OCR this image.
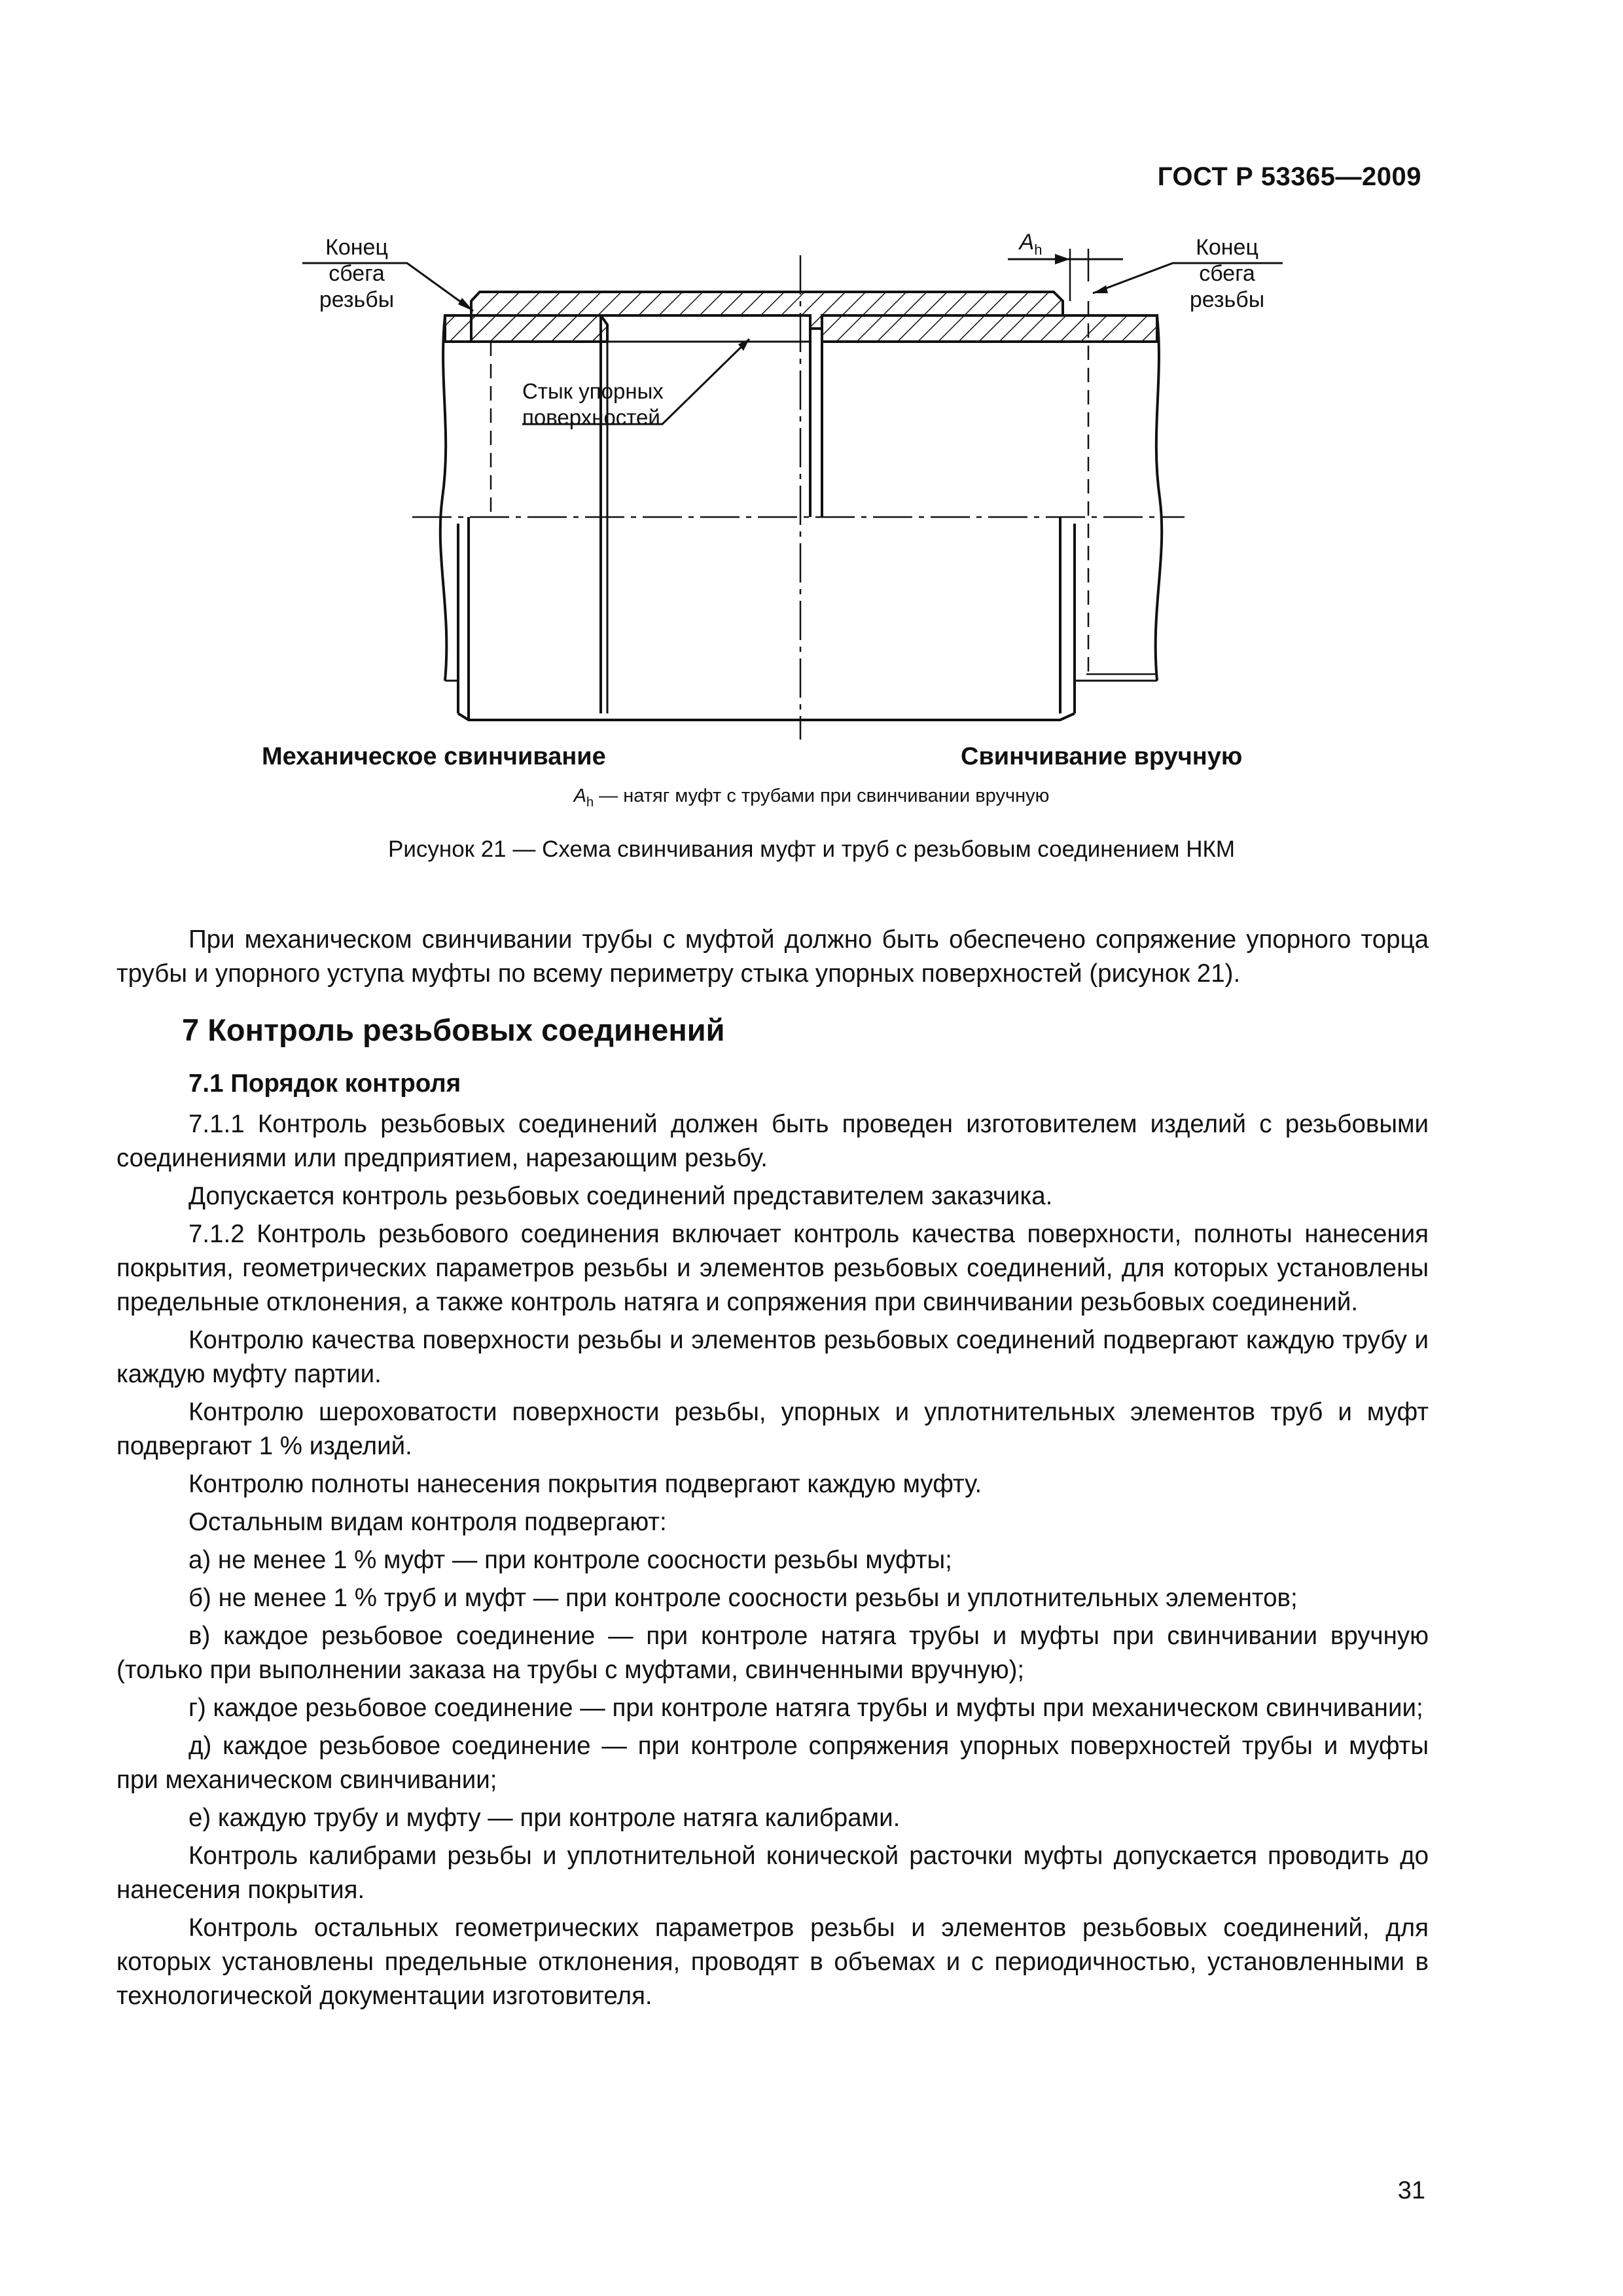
ГОСТ Р 53365—2009
Конец сбега
резьбы
Конец сбега
резьбы
$A_h$
Стык упорных
поверхностей
Механическое свинчивание	Свинчивание вручную
$A_h$ — натяг муфт с трубами при свинчивании вручную
Рисунок 21 — Схема свинчивания муфт и труб с резьбовым соединением НКМ

При механическом свинчивании трубы с муфтой должно быть обеспечено сопряжение упорного торца трубы и упорного уступа муфты по всему периметру стыка упорных поверхностей (рисунок 21).

7 Контроль резьбовых соединений
7.1 Порядок контроля

7.1.1 Контроль резьбовых соединений должен быть проведен изготовителем изделий с резьбовыми соединениями или предприятием, нарезающим резьбу.

Допускается контроль резьбовых соединений представителем заказчика.

7.1.2 Контроль резьбового соединения включает контроль качества поверхности, полноты нанесения покрытия, геометрических параметров резьбы и элементов резьбовых соединений, для которых установлены предельные отклонения, а также контроль натяга и сопряжения при свинчивании резьбовых соединений.

Контролю качества поверхности резьбы и элементов резьбовых соединений подвергают каждую трубу и каждую муфту партии.

Контролю шероховатости поверхности резьбы, упорных и уплотнительных элементов труб и муфт подвергают 1 % изделий.

Контролю полноты нанесения покрытия подвергают каждую муфту.

Остальным видам контроля подвергают:

а) не менее 1 % муфт — при контроле соосности резьбы муфты;

б) не менее 1 % труб и муфт — при контроле соосности резьбы и уплотнительных элементов;

в) каждое резьбовое соединение — при контроле натяга трубы и муфты при свинчивании вручную (только при выполнении заказа на трубы с муфтами, свинченными вручную);

г) каждое резьбовое соединение — при контроле натяга трубы и муфты при механическом свинчивании;

д) каждое резьбовое соединение — при контроле сопряжения упорных поверхностей трубы и муфты при механическом свинчивании;

е) каждую трубу и муфту — при контроле натяга калибрами.

Контроль калибрами резьбы и уплотнительной конической расточки муфты допускается проводить до нанесения покрытия.

Контроль остальных геометрических параметров резьбы и элементов резьбовых соединений, для которых установлены предельные отклонения, проводят в объемах и с периодичностью, установленными в технологической документации изготовителя.

31
